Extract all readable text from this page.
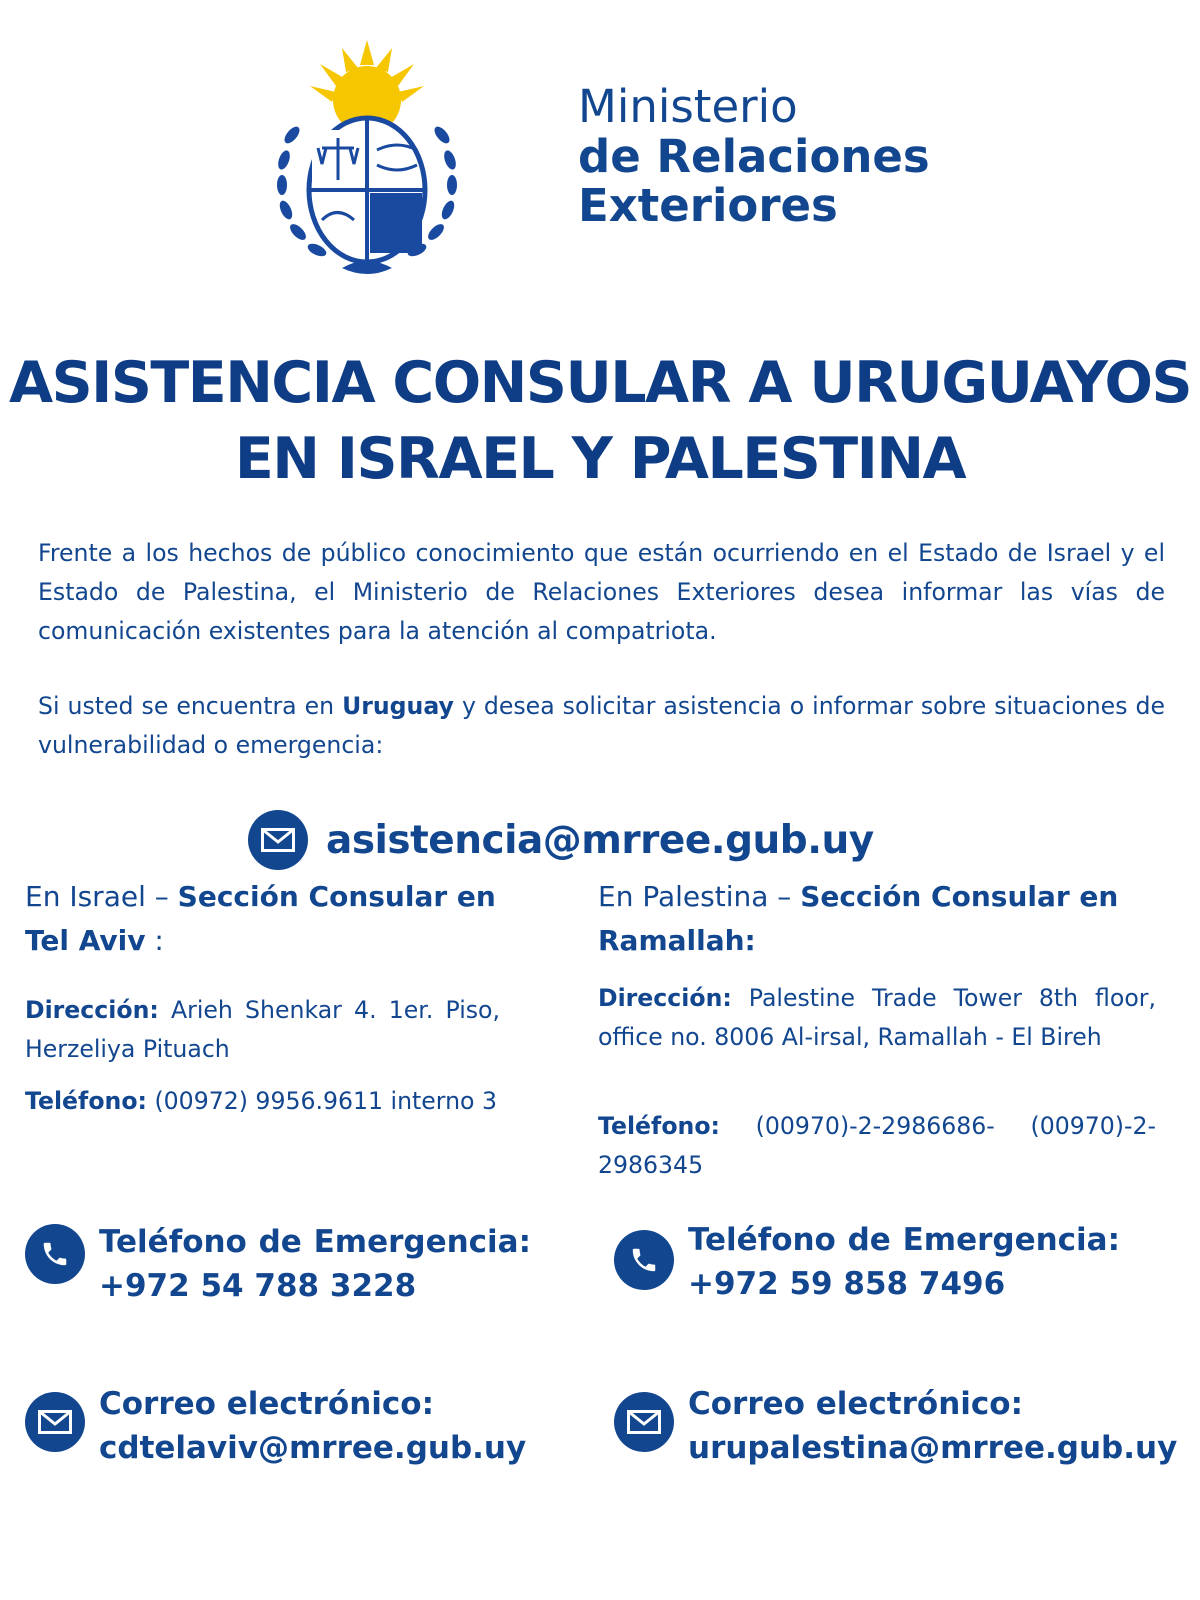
Ministerio
de Relaciones
Exteriores
ASISTENCIA CONSULAR A URUGUAYOS
EN ISRAEL Y PALESTINA

Frente a los hechos de público conocimiento que están ocurriendo en el Estado de Israel y el Estado de Palestina, el Ministerio de Relaciones Exteriores desea informar las vías de comunicación existentes para la atención al compatriota.

Si usted se encuentra en Uruguay y desea solicitar asistencia o informar sobre situaciones de vulnerabilidad o emergencia:

asistencia@mrree.gub.uy
En Israel – Sección Consular en Tel Aviv :

Dirección: Arieh Shenkar 4. 1er. Piso, Herzeliya Pituach

Teléfono: (00972) 9956.9611 interno 3

Teléfono de Emergencia:
+972 54 788 3228
Correo electrónico:
cdtelaviv@mrree.gub.uy
En Palestina – Sección Consular en Ramallah:

Dirección: Palestine Trade Tower 8th floor, office no. 8006 Al-irsal, Ramallah - El Bireh

Teléfono: (00970)-2-2986686- (00970)-2-2986345

Teléfono de Emergencia:
+972 59 858 7496
Correo electrónico:
urupalestina@mrree.gub.uy
